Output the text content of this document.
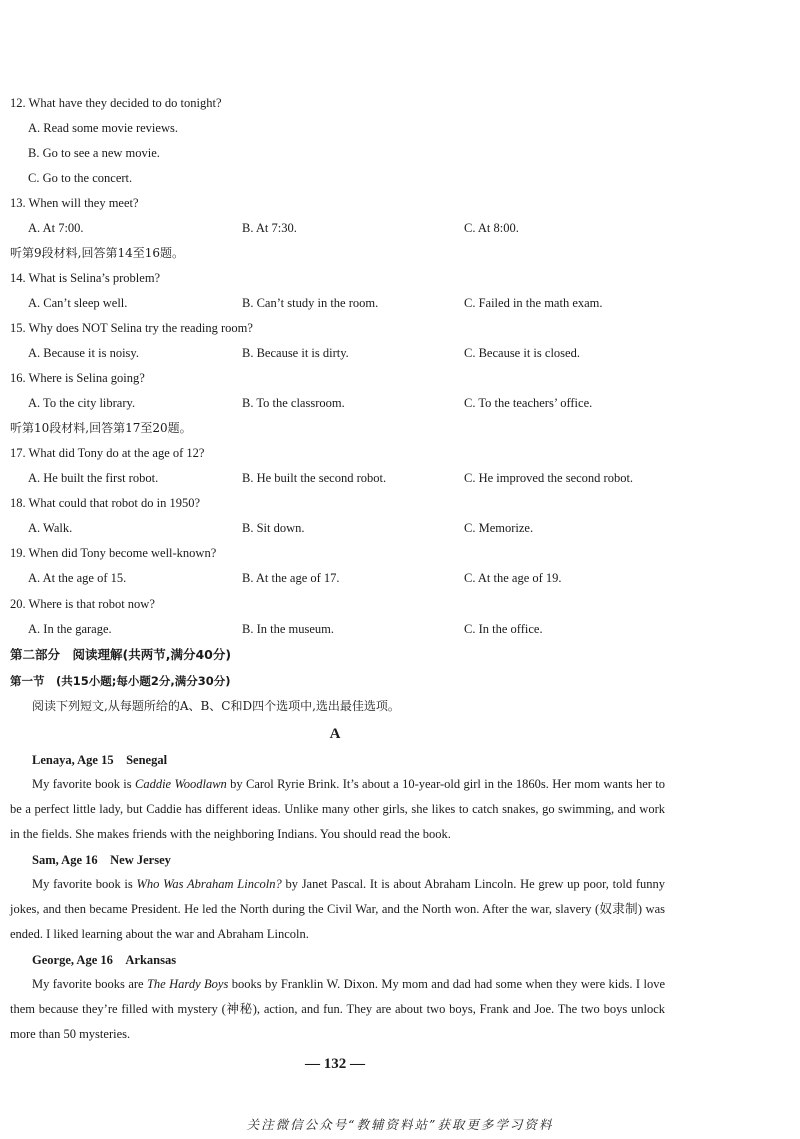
12. What have they decided to do tonight?
A. Read some movie reviews.
B. Go to see a new movie.
C. Go to the concert.
13. When will they meet?
A. At 7:00.	B. At 7:30.	C. At 8:00.
听第9段材料,回答第14至16题。
14. What is Selina’s problem?
A. Can’t sleep well.	B. Can’t study in the room.	C. Failed in the math exam.
15. Why does NOT Selina try the reading room?
A. Because it is noisy.	B. Because it is dirty.	C. Because it is closed.
16. Where is Selina going?
A. To the city library.	B. To the classroom.	C. To the teachers’ office.
听第10段材料,回答第17至20题。
17. What did Tony do at the age of 12?
A. He built the first robot.	B. He built the second robot.	C. He improved the second robot.
18. What could that robot do in 1950?
A. Walk.	B. Sit down.	C. Memorize.
19. When did Tony become well-known?
A. At the age of 15.	B. At the age of 17.	C. At the age of 19.
20. Where is that robot now?
A. In the garage.	B. In the museum.	C. In the office.
第二部分　阅读理解(共两节,满分40分)
第一节　(共15小题;每小题2分,满分30分)
阅读下列短文,从每题所给的A、B、C和D四个选项中,选出最佳选项。
A
Lenaya, Age 15　Senegal

My favorite book is Caddie Woodlawn by Carol Ryrie Brink. It’s about a 10-year-old girl in the 1860s. Her mom wants her to be a perfect little lady, but Caddie has different ideas. Unlike many other girls, she likes to catch snakes, go swimming, and work in the fields. She makes friends with the neighboring Indians. You should read the book.

Sam, Age 16　New Jersey

My favorite book is Who Was Abraham Lincoln? by Janet Pascal. It is about Abraham Lincoln. He grew up poor, told funny jokes, and then became President. He led the North during the Civil War, and the North won. After the war, slavery (奴隶制) was ended. I liked learning about the war and Abraham Lincoln.

George, Age 16　Arkansas

My favorite books are The Hardy Boys books by Franklin W. Dixon. My mom and dad had some when they were kids. I love them because they’re filled with mystery (神秘), action, and fun. They are about two boys, Frank and Joe. The two boys unlock more than 50 mysteries.

— 132 —
关注微信公众号“教辅资料站”获取更多学习资料
